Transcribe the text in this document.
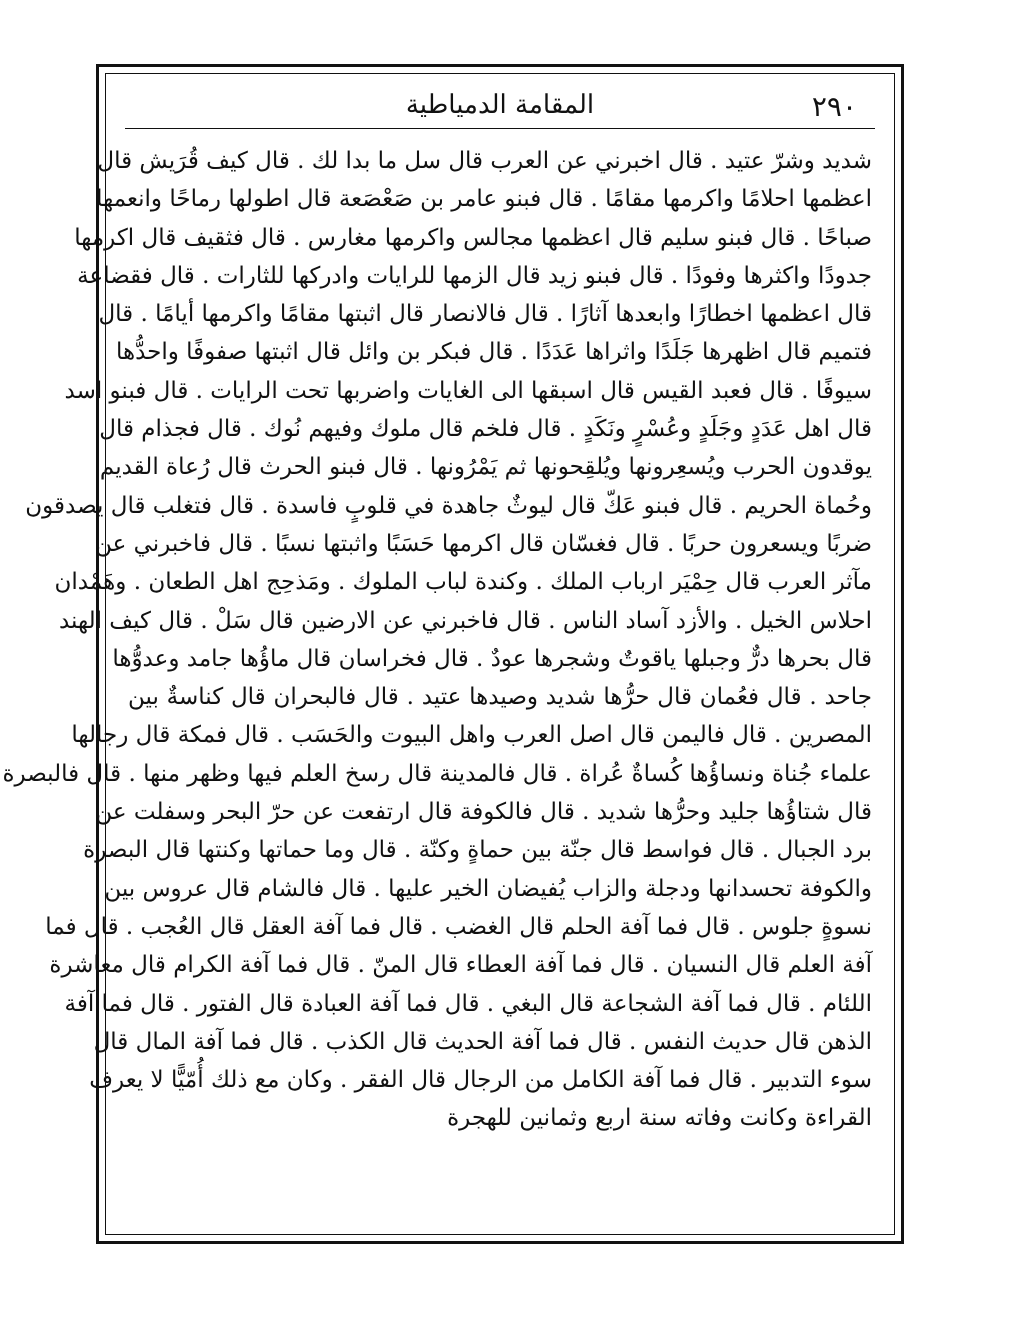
٢٩٠
المقامة الدمياطية
شديد وشرّ عتيد . قال اخبرني عن العرب قال سل ما بدا لك . قال كيف قُرَيش قال
اعظمها احلامًا واكرمها مقامًا . قال فبنو عامر بن صَعْصَعة قال اطولها رماحًا وانعمها
صباحًا . قال فبنو سليم قال اعظمها مجالس واكرمها مغارس . قال فثقيف قال اكرمها
جدودًا واكثرها وفودًا . قال فبنو زيد قال الزمها للرايات وادركها للثارات . قال فقضاعة
قال اعظمها اخطارًا وابعدها آثارًا . قال فالانصار قال اثبتها مقامًا واكرمها أيامًا . قال
فتميم قال اظهرها جَلَدًا واثراها عَدَدًا . قال فبكر بن وائل قال اثبتها صفوفًا واحدُّها
سيوفًا . قال فعبد القيس قال اسبقها الى الغايات واضربها تحت الرايات . قال فبنو اسد
قال اهل عَدَدٍ وجَلَدٍ وعُسْرٍ ونَكَدٍ . قال فلخم قال ملوك وفيهم نُوك . قال فجذام قال
يوقدون الحرب ويُسعِرونها ويُلقِحونها ثم يَمْرُونها . قال فبنو الحرث قال رُعاة القديم
وحُماة الحريم . قال فبنو عَكّ قال ليوثٌ جاهدة في قلوبٍ فاسدة . قال فتغلب قال يصدقون
ضربًا ويسعرون حربًا . قال فغسّان قال اكرمها حَسَبًا واثبتها نسبًا . قال فاخبرني عن
مآثر العرب قال حِمْيَر ارباب الملك . وكندة لباب الملوك . ومَذحِج اهل الطعان . وهَمْدان
احلاس الخيل . والأزد آساد الناس . قال فاخبرني عن الارضين قال سَلْ . قال كيف الهند
قال بحرها درٌّ وجبلها ياقوتٌ وشجرها عودٌ . قال فخراسان قال ماؤُها جامد وعدوُّها
جاحد . قال فعُمان قال حرُّها شديد وصيدها عتيد . قال فالبحران قال كناسةٌ بين
المصرين . قال فاليمن قال اصل العرب واهل البيوت والحَسَب . قال فمكة قال رجالها
علماء جُناة ونساؤُها كُساةٌ عُراة . قال فالمدينة قال رسخ العلم فيها وظهر منها . قال فالبصرة
قال شتاؤُها جليد وحرُّها شديد . قال فالكوفة قال ارتفعت عن حرّ البحر وسفلت عن
برد الجبال . قال فواسط قال جنّة بين حماةٍ وكنّة . قال وما حماتها وكنتها قال البصرة
والكوفة تحسدانها ودجلة والزاب يُفيضان الخير عليها . قال فالشام قال عروس بين
نسوةٍ جلوس . قال فما آفة الحلم قال الغضب . قال فما آفة العقل قال العُجب . قال فما
آفة العلم قال النسيان . قال فما آفة العطاء قال المنّ . قال فما آفة الكرام قال معاشرة
اللئام . قال فما آفة الشجاعة قال البغي . قال فما آفة العبادة قال الفتور . قال فما آفة
الذهن قال حديث النفس . قال فما آفة الحديث قال الكذب . قال فما آفة المال قال
سوء التدبير . قال فما آفة الكامل من الرجال قال الفقر . وكان مع ذلك أُمّيًّا لا يعرف
القراءة وكانت وفاته سنة اربع وثمانين للهجرة
